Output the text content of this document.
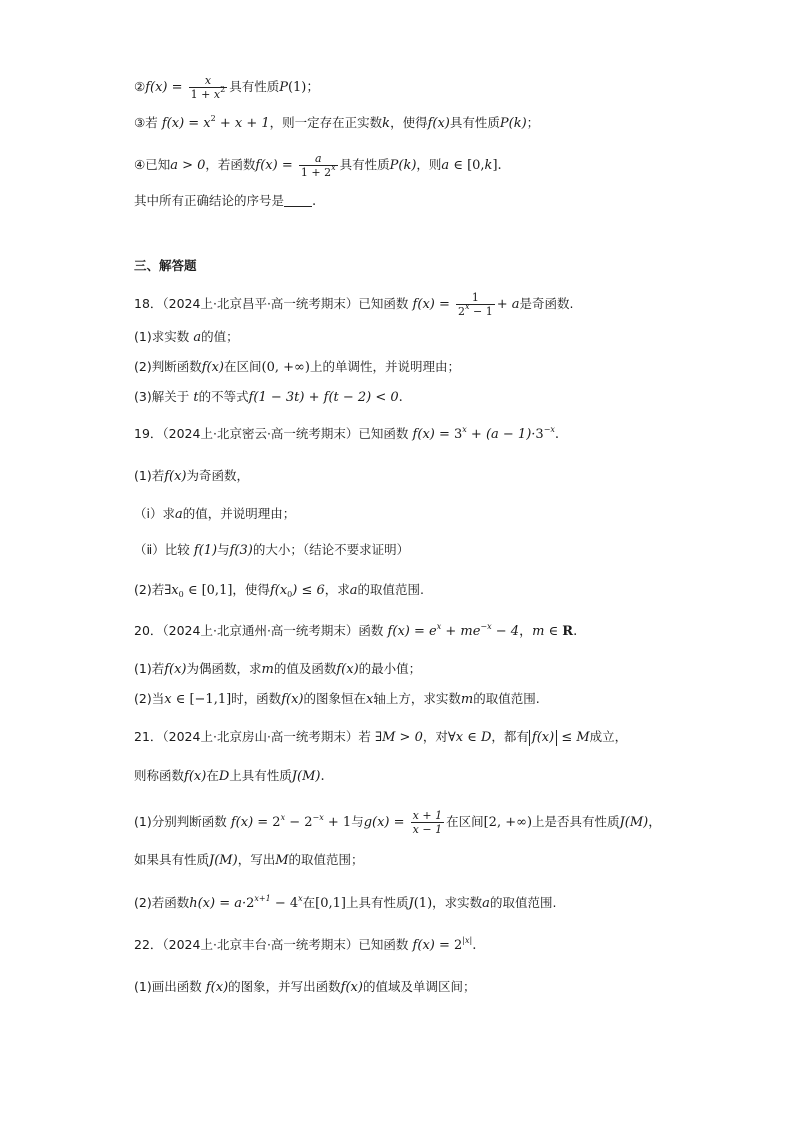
②f(x) = $\frac{x}{1 + x^2}$ 具有性质P(1)；
③若 $f(x) = x^2 + x + 1$，则一定存在正实数k，使得f(x)具有性质P(k)；
④已知a > 0，若函数$f(x) = \frac{a}{1 + 2^x}$ 具有性质P(k)，则a ∈ [0,k].
其中所有正确结论的序号是 .
三、解答题
18．（2024上·北京昌平·高一统考期末）已知函数 $f(x) = \frac{1}{2^x - 1} + a$是奇函数.
(1)求实数 a的值；
(2)判断函数f(x)在区间(0, +∞)上的单调性，并说明理由；
(3)解关于 t的不等式f(1 − 3t) + f(t − 2) < 0.
19．（2024上·北京密云·高一统考期末）已知函数 $f(x) = 3^x + (a - 1)\cdot 3^{-x}$.
(1)若f(x)为奇函数，
（ⅰ）求a的值，并说明理由；
（ⅱ）比较 f(1)与f(3)的大小；（结论不要求证明）
(2)若$\exists x_0$ ∈ [0,1]，使得$f(x_0) \le 6$，求a的取值范围.
20．（2024上·北京通州·高一统考期末）函数 $f(x) = e^x + me^{-x} - 4$，m ∈ R.
(1)若f(x)为偶函数，求m的值及函数f(x)的最小值；
(2)当x ∈ [−1,1]时，函数f(x)的图象恒在x轴上方，求实数m的取值范围.
21．（2024上·北京房山·高一统考期末）若 ∃M > 0，对∀x ∈ D，都有 f(x) ≤ M成立，
则称函数f(x)在D上具有性质J(M).
(1)分别判断函数 $f(x) = 2^x - 2^{-x} + 1$与$g(x) = \frac{x + 1}{x - 1}$ 在区间[2, +∞)上是否具有性质J(M)，
如果具有性质J(M)，写出M的取值范围；
(2)若函数$h(x) = a\cdot 2^{x+1} - 4^x$在[0,1]上具有性质J(1)，求实数a的取值范围.
22．（2024上·北京丰台·高一统考期末）已知函数 $f(x) = 2^{|x|}$.
(1)画出函数 f(x)的图象，并写出函数f(x)的值域及单调区间；
